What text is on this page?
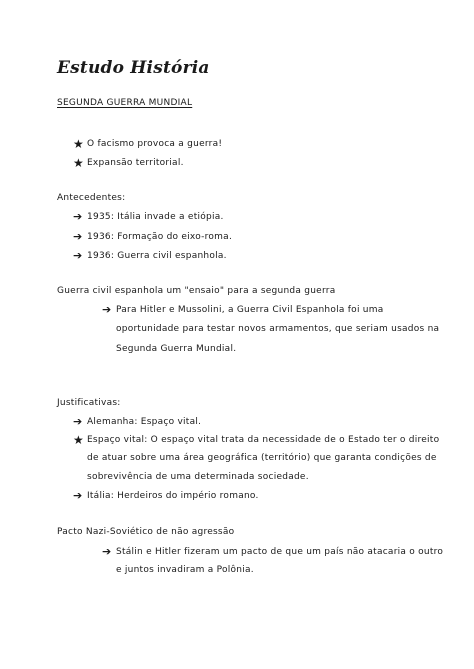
Estudo História
SEGUNDA GUERRA MUNDIAL
★ O facismo provoca a guerra!
★ Expansão territorial.
Antecedentes:
➔ 1935: Itália invade a etiópia.
➔ 1936: Formação do eixo-roma.
➔ 1936: Guerra civil espanhola.
Guerra civil espanhola um "ensaio" para a segunda guerra
➔ Para Hitler e Mussolini, a Guerra Civil Espanhola foi uma
oportunidade para testar novos armamentos, que seriam usados na
Segunda Guerra Mundial.
Justificativas:
➔ Alemanha: Espaço vital.
★ Espaço vital: O espaço vital trata da necessidade de o Estado ter o direito
de atuar sobre uma área geográfica (território) que garanta condições de
sobrevivência de uma determinada sociedade.
➔ Itália: Herdeiros do império romano.
Pacto Nazi-Soviético de não agressão
➔ Stálin e Hitler fizeram um pacto de que um país não atacaria o outro
e juntos invadiram a Polônia.
